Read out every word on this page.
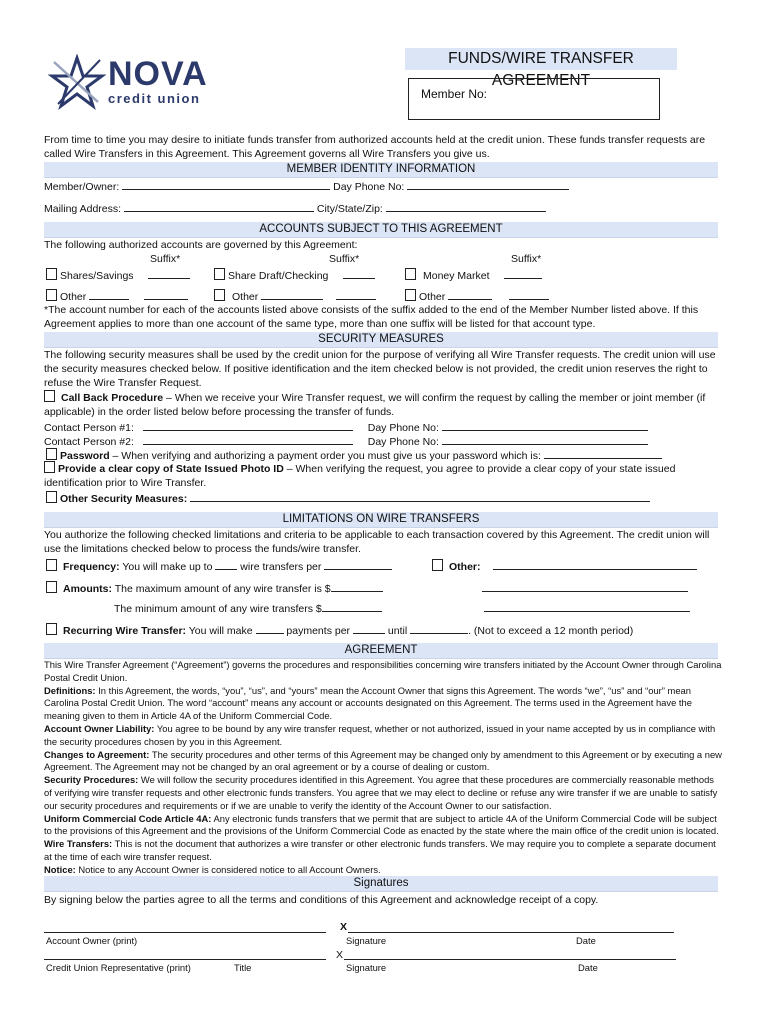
NOVA
credit union
FUNDS/WIRE TRANSFER AGREEMENT
Member No:
From time to time you may desire to initiate funds transfer from authorized accounts held at the credit union. These funds transfer requests are called Wire Transfers in this Agreement. This Agreement governs all Wire Transfers you give us.
MEMBER IDENTITY INFORMATION
Member/Owner:	Day Phone No:
Mailing Address:	City/State/Zip:
ACCOUNTS SUBJECT TO THIS AGREEMENT
The following authorized accounts are governed by this Agreement:
Suffix*	Suffix*	Suffix*
Shares/Savings	Share Draft/Checking	Money Market
Other	Other	Other
*The account number for each of the accounts listed above consists of the suffix added to the end of the Member Number listed above. If this Agreement applies to more than one account of the same type, more than one suffix will be listed for that account type.
SECURITY MEASURES
The following security measures shall be used by the credit union for the purpose of verifying all Wire Transfer requests. The credit union will use the security measures checked below. If positive identification and the item checked below is not provided, the credit union reserves the right to refuse the Wire Transfer Request.
Call Back Procedure – When we receive your Wire Transfer request, we will confirm the request by calling the member or joint member (if applicable) in the order listed below before processing the transfer of funds.
Contact Person #1:	Day Phone No:
Contact Person #2:	Day Phone No:
Password – When verifying and authorizing a payment order you must give us your password which is:
Provide a clear copy of State Issued Photo ID – When verifying the request, you agree to provide a clear copy of your state issued identification prior to Wire Transfer.
Other Security Measures:
LIMITATIONS ON WIRE TRANSFERS
You authorize the following checked limitations and criteria to be applicable to each transaction covered by this Agreement. The credit union will use the limitations checked below to process the funds/wire transfer.
Frequency: You will make up to	wire transfers per	Other:
Amounts: The maximum amount of any wire transfer is $
The minimum amount of any wire transfers $
Recurring Wire Transfer: You will make	payments per	until	. (Not to exceed a 12 month period)
AGREEMENT
This Wire Transfer Agreement (“Agreement”) governs the procedures and responsibilities concerning wire transfers initiated by the Account Owner through Carolina Postal Credit Union.
Definitions: In this Agreement, the words, “you”, “us”, and “yours” mean the Account Owner that signs this Agreement. The words “we”, “us” and “our” mean Carolina Postal Credit Union. The word “account” means any account or accounts designated on this Agreement. The terms used in the Agreement have the meaning given to them in Article 4A of the Uniform Commercial Code.
Account Owner Liability: You agree to be bound by any wire transfer request, whether or not authorized, issued in your name accepted by us in compliance with the security procedures chosen by you in this Agreement.
Changes to Agreement: The security procedures and other terms of this Agreement may be changed only by amendment to this Agreement or by executing a new Agreement. The Agreement may not be changed by an oral agreement or by a course of dealing or custom.
Security Procedures: We will follow the security procedures identified in this Agreement. You agree that these procedures are commercially reasonable methods of verifying wire transfer requests and other electronic funds transfers. You agree that we may elect to decline or refuse any wire transfer if we are unable to satisfy our security procedures and requirements or if we are unable to verify the identity of the Account Owner to our satisfaction.
Uniform Commercial Code Article 4A: Any electronic funds transfers that we permit that are subject to article 4A of the Uniform Commercial Code will be subject to the provisions of this Agreement and the provisions of the Uniform Commercial Code as enacted by the state where the main office of the credit union is located.
Wire Transfers: This is not the document that authorizes a wire transfer or other electronic funds transfers. We may require you to complete a separate document at the time of each wire transfer request.
Notice: Notice to any Account Owner is considered notice to all Account Owners.
Signatures
By signing below the parties agree to all the terms and conditions of this Agreement and acknowledge receipt of a copy.
X
Account Owner (print)	Signature	Date
X
Credit Union Representative (print)	Title	Signature	Date
